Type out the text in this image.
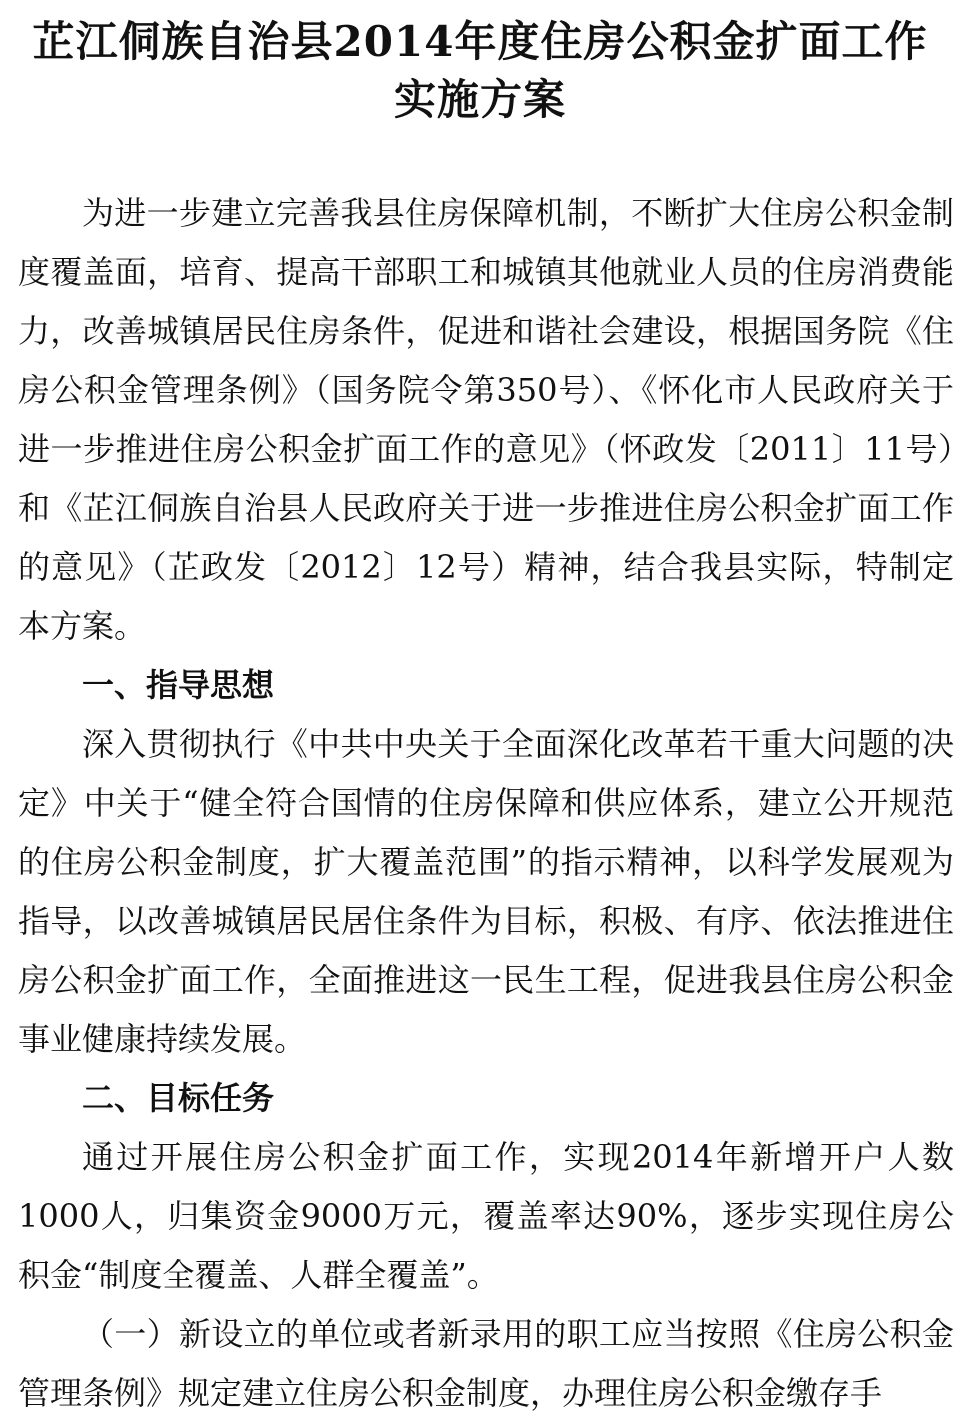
芷江侗族自治县2014年度住房公积金扩面工作
实施方案

为进一步建立完善我县住房保障机制，不断扩大住房公积金制度覆盖面，培育、提高干部职工和城镇其他就业人员的住房消费能力，改善城镇居民住房条件，促进和谐社会建设，根据国务院《住房公积金管理条例》（国务院令第350号）、《怀化市人民政府关于进一步推进住房公积金扩面工作的意见》（怀政发〔2011〕11号）和《芷江侗族自治县人民政府关于进一步推进住房公积金扩面工作的意见》（芷政发〔2012〕12号）精神，结合我县实际，特制定本方案。

一、指导思想

深入贯彻执行《中共中央关于全面深化改革若干重大问题的决定》中关于“健全符合国情的住房保障和供应体系，建立公开规范的住房公积金制度，扩大覆盖范围”的指示精神，以科学发展观为指导，以改善城镇居民居住条件为目标，积极、有序、依法推进住房公积金扩面工作，全面推进这一民生工程，促进我县住房公积金事业健康持续发展。

二、目标任务

通过开展住房公积金扩面工作，实现2014年新增开户人数1000人，归集资金9000万元，覆盖率达90%，逐步实现住房公积金“制度全覆盖、人群全覆盖”。

（一）新设立的单位或者新录用的职工应当按照《住房公积金管理条例》规定建立住房公积金制度，办理住房公积金缴存手
